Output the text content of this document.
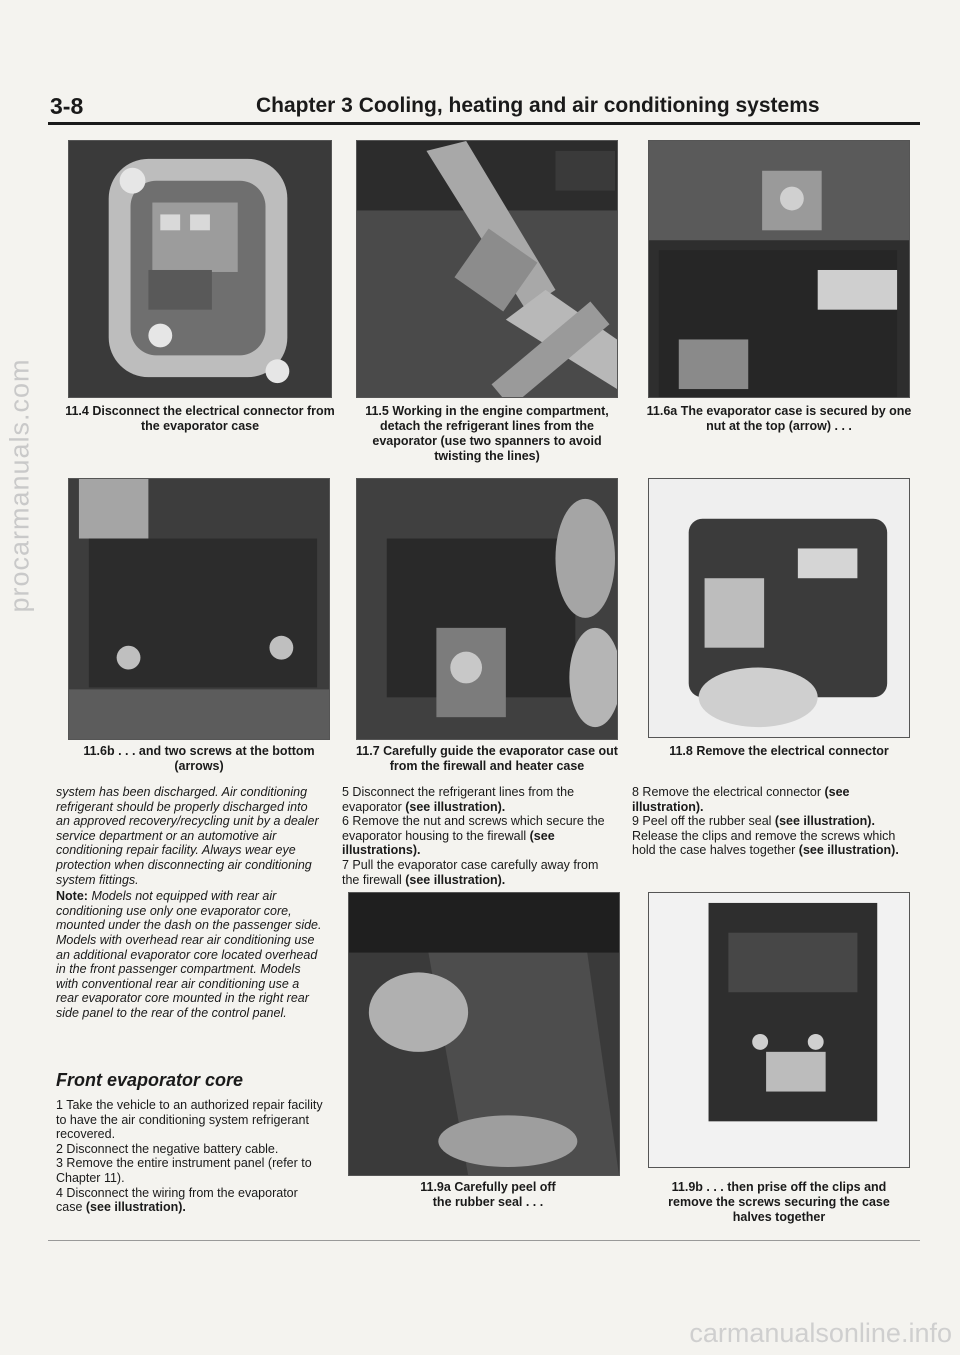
3-8	Chapter 3 Cooling, heating and air conditioning systems
11.4 Disconnect the electrical connector from the evaporator case
11.5 Working in the engine compartment, detach the refrigerant lines from the evaporator (use two spanners to avoid twisting the lines)
11.6a The evaporator case is secured by one nut at the top (arrow) . . .
11.6b . . . and two screws at the bottom (arrows)
11.7 Carefully guide the evaporator case out from the firewall and heater case
11.8 Remove the electrical connector

system has been discharged. Air conditioning refrigerant should be properly discharged into an approved recovery/recycling unit by a dealer service department or an automotive air conditioning repair facility. Always wear eye protection when disconnecting air conditioning system fittings.

Note: Models not equipped with rear air conditioning use only one evaporator core, mounted under the dash on the passenger side. Models with overhead rear air conditioning use an additional evaporator core located overhead in the front passenger compartment. Models with conventional rear air conditioning use a rear evaporator core mounted in the right rear side panel to the rear of the control panel.

Front evaporator core

1 Take the vehicle to an authorized repair facility to have the air conditioning system refrigerant recovered.

2 Disconnect the negative battery cable.

3 Remove the entire instrument panel (refer to Chapter 11).

4 Disconnect the wiring from the evaporator case (see illustration).

5 Disconnect the refrigerant lines from the evaporator (see illustration).

6 Remove the nut and screws which secure the evaporator housing to the firewall (see illustrations).

7 Pull the evaporator case carefully away from the firewall (see illustration).

8 Remove the electrical connector (see illustration).

9 Peel off the rubber seal (see illustration). Release the clips and remove the screws which hold the case halves together (see illustration).

11.9a Carefully peel off the rubber seal . . .
11.9b . . . then prise off the clips and remove the screws securing the case halves together
procarmanuals.com
carmanualsonline.info
